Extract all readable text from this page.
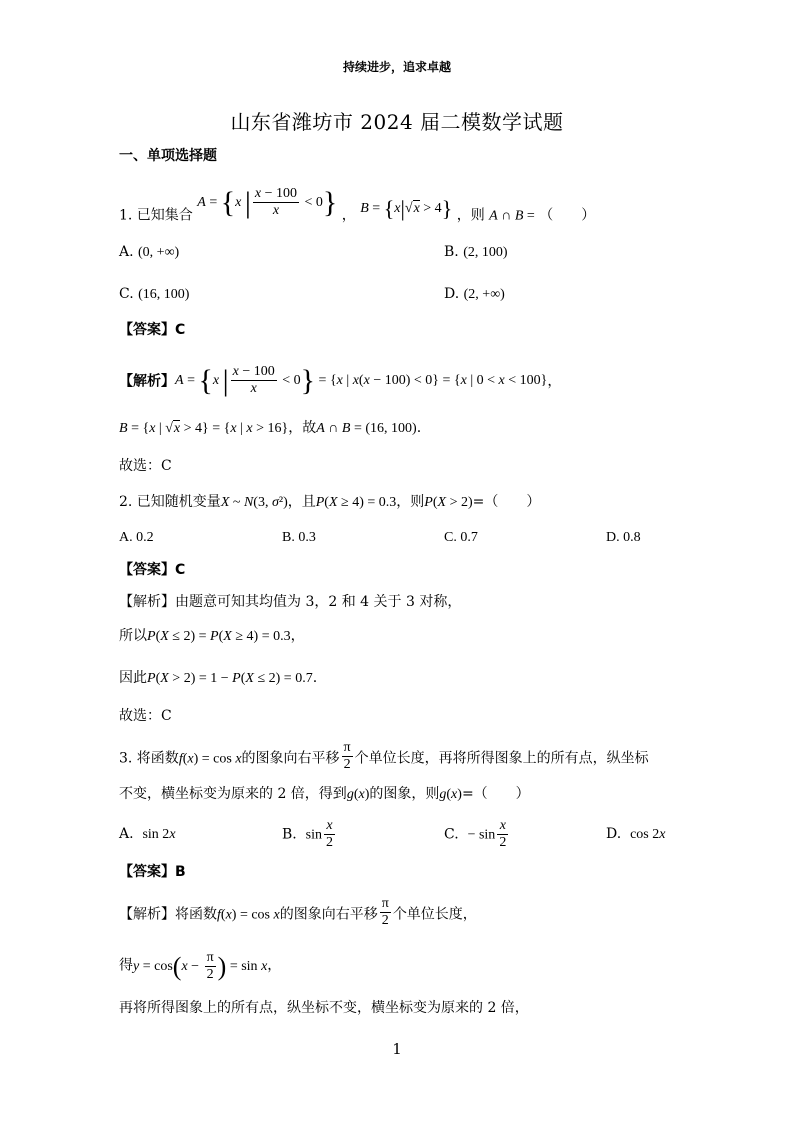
持续进步，追求卓越
山东省潍坊市 2024 届二模数学试题
一、单项选择题
1. 已知集合 A = {x | $\frac{x - 100}{x} < 0$} ， B = {x|√x > 4} ，则 A ∩ B = （　　）
A. (0, +∞)	B. (2, 100)
C. (16, 100)	D. (2, +∞)
【答案】C
【解析】A = {x | $\frac{x - 100}{x} < 0\} = \{x$ | x(x − 100) < 0} = {x | 0 < x < 100}，
B = {x | √x > 4} = {x | x > 16}，故A ∩ B = (16, 100).
故选：C
2. 已知随机变量X ~ N(3, σ²)，且P(X ≥ 4) = 0.3，则P(X > 2)=（　　）
A. 0.2	B. 0.3	C. 0.7	D. 0.8
【答案】C
【解析】由题意可知其均值为 3，2 和 4 关于 3 对称，
所以P(X ≤ 2) = P(X ≥ 4) = 0.3，
因此P(X > 2) = 1 − P(X ≤ 2) = 0.7.
故选：C
3. 将函数f(x) = cos x的图象向右平移 $\frac{\pi}{2}$ 个单位长度，再将所得图象上的所有点，纵坐标
不变，横坐标变为原来的 2 倍，得到g(x)的图象，则g(x)=（　　）
A. sin 2x	B. $\sin \frac{x}{2}$	C. − $\sin \frac{x}{2}$	D. cos 2x
【答案】B
【解析】将函数f(x) = cos x的图象向右平移 $\frac{\pi}{2}$ 个单位长度，
得$y = \cos(x - \frac{\pi}{2}$ ) = sin x，
再将所得图象上的所有点，纵坐标不变，横坐标变为原来的 2 倍，
1
